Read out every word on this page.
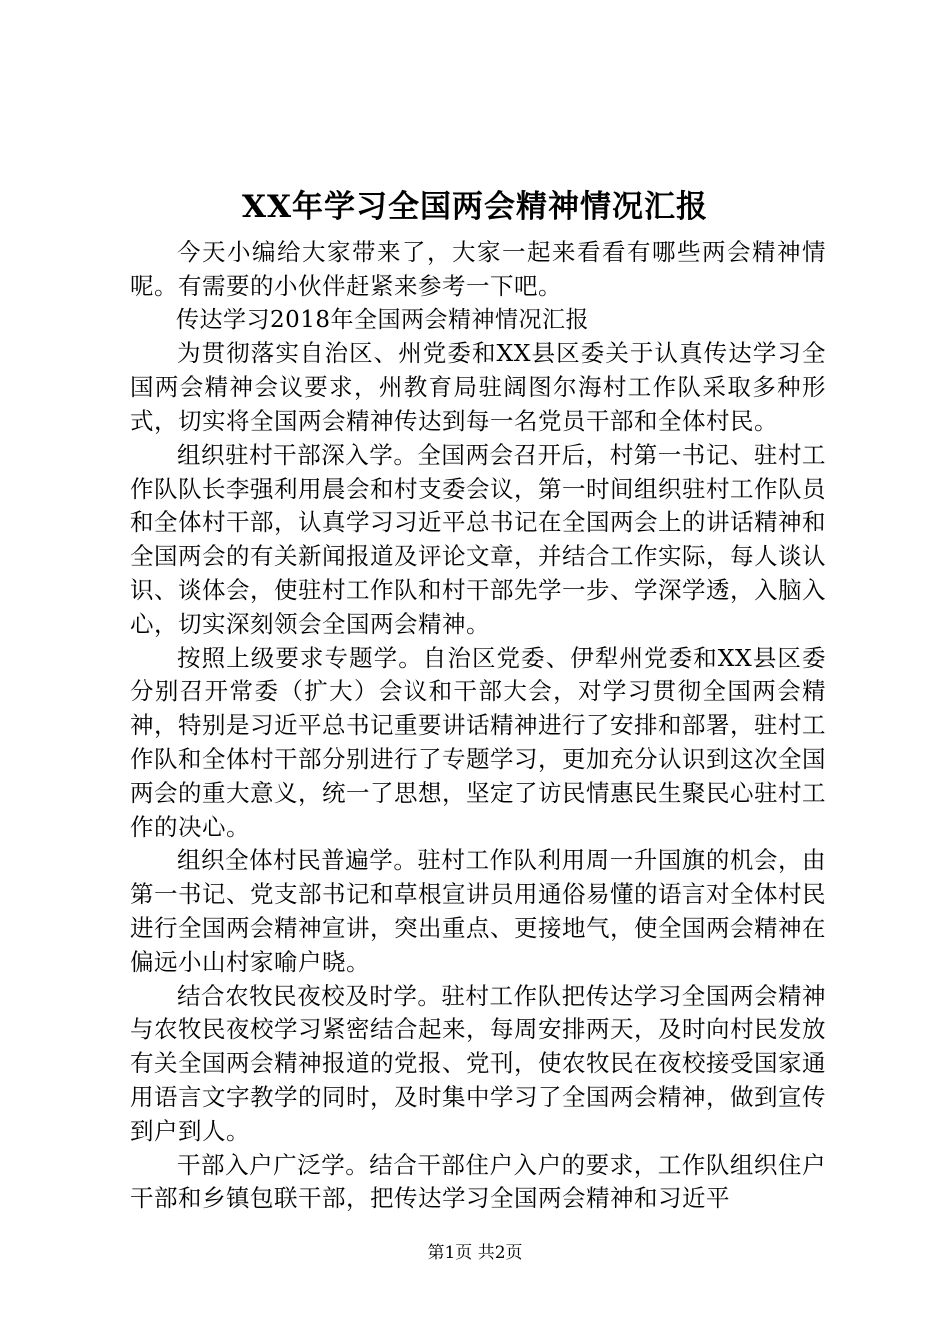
XX年学习全国两会精神情况汇报

今天小编给大家带来了，大家一起来看看有哪些两会精神情呢。有需要的小伙伴赶紧来参考一下吧。

传达学习2018年全国两会精神情况汇报

为贯彻落实自治区、州党委和XX县区委关于认真传达学习全国两会精神会议要求，州教育局驻阔图尔海村工作队采取多种形式，切实将全国两会精神传达到每一名党员干部和全体村民。

组织驻村干部深入学。全国两会召开后，村第一书记、驻村工作队队长李强利用晨会和村支委会议，第一时间组织驻村工作队员和全体村干部，认真学习习近平总书记在全国两会上的讲话精神和全国两会的有关新闻报道及评论文章，并结合工作实际，每人谈认识、谈体会，使驻村工作队和村干部先学一步、学深学透，入脑入心，切实深刻领会全国两会精神。

按照上级要求专题学。自治区党委、伊犁州党委和XX县区委分别召开常委（扩大）会议和干部大会，对学习贯彻全国两会精神，特别是习近平总书记重要讲话精神进行了安排和部署，驻村工作队和全体村干部分别进行了专题学习，更加充分认识到这次全国两会的重大意义，统一了思想，坚定了访民情惠民生聚民心驻村工作的决心。

组织全体村民普遍学。驻村工作队利用周一升国旗的机会，由第一书记、党支部书记和草根宣讲员用通俗易懂的语言对全体村民进行全国两会精神宣讲，突出重点、更接地气，使全国两会精神在偏远小山村家喻户晓。

结合农牧民夜校及时学。驻村工作队把传达学习全国两会精神与农牧民夜校学习紧密结合起来，每周安排两天，及时向村民发放有关全国两会精神报道的党报、党刊，使农牧民在夜校接受国家通用语言文字教学的同时，及时集中学习了全国两会精神，做到宣传到户到人。

干部入户广泛学。结合干部住户入户的要求，工作队组织住户干部和乡镇包联干部，把传达学习全国两会精神和习近平

第1页 共2页
